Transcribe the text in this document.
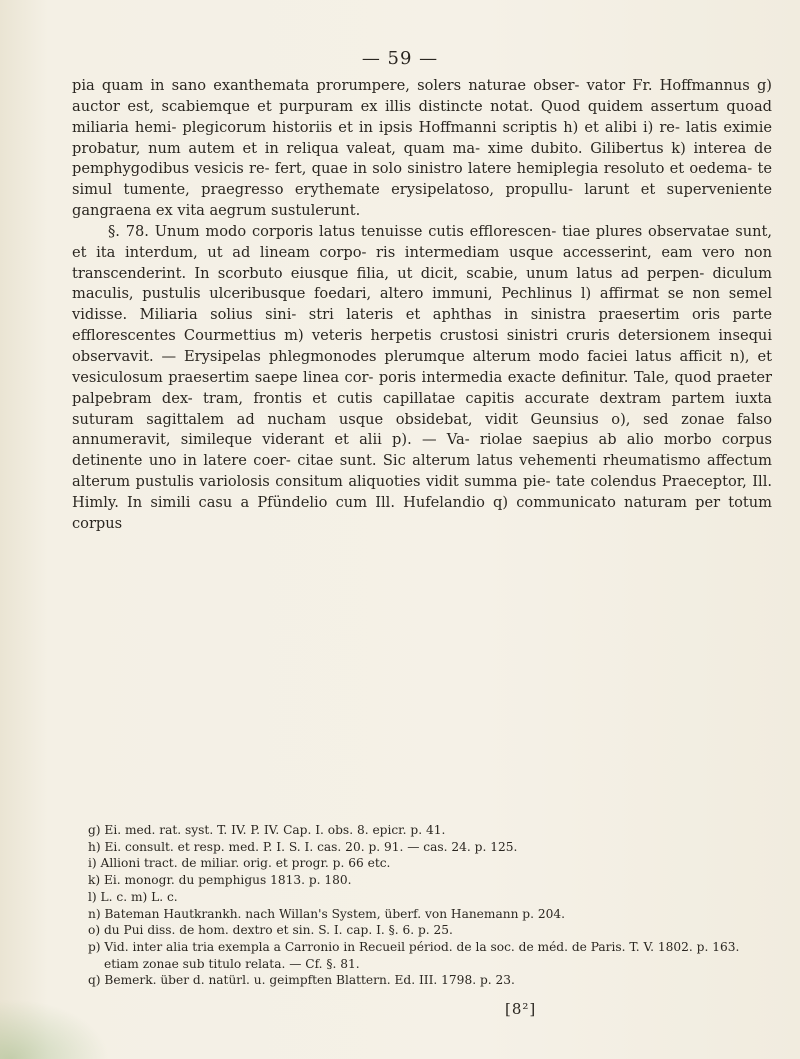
— 59 —

pia quam in sano exanthemata prorumpere, solers naturae obser- vator Fr. Hoffmannus g) auctor est, scabiemque et purpuram ex illis distincte notat. Quod quidem assertum quoad miliaria hemi- plegicorum historiis et in ipsis Hoffmanni scriptis h) et alibi i) re- latis eximie probatur, num autem et in reliqua valeat, quam ma- xime dubito. Gilibertus k) interea de pemphygodibus vesicis re- fert, quae in solo sinistro latere hemiplegia resoluto et oedema- te simul tumente, praegresso erythemate erysipelatoso, propullu- larunt et superveniente gangraena ex vita aegrum sustulerunt.

§. 78. Unum modo corporis latus tenuisse cutis efflorescen- tiae plures observatae sunt, et ita interdum, ut ad lineam corpo- ris intermediam usque accesserint, eam vero non transcenderint. In scorbuto eiusque filia, ut dicit, scabie, unum latus ad perpen- diculum maculis, pustulis ulceribusque foedari, altero immuni, Pechlinus l) affirmat se non semel vidisse. Miliaria solius sini- stri lateris et aphthas in sinistra praesertim oris parte efflorescentes Courmettius m) veteris herpetis crustosi sinistri cruris detersionem insequi observavit. — Erysipelas phlegmonodes plerumque alterum modo faciei latus afficit n), et vesiculosum praesertim saepe linea cor- poris intermedia exacte definitur. Tale, quod praeter palpebram dex- tram, frontis et cutis capillatae capitis accurate dextram partem iuxta suturam sagittalem ad nucham usque obsidebat, vidit Geunsius o), sed zonae falso annumeravit, simileque viderant et alii p). — Va- riolae saepius ab alio morbo corpus detinente uno in latere coer- citae sunt. Sic alterum latus vehementi rheumatismo affectum alterum pustulis variolosis consitum aliquoties vidit summa pie- tate colendus Praeceptor, Ill. Himly. In simili casu a Pfündelio cum Ill. Hufelandio q) communicato naturam per totum corpus

g) Ei. med. rat. syst. T. IV. P. IV. Cap. I. obs. 8. epicr. p. 41.

h) Ei. consult. et resp. med. P. I. S. I. cas. 20. p. 91. — cas. 24. p. 125.

i) Allioni tract. de miliar. orig. et progr. p. 66 etc.

k) Ei. monogr. du pemphigus 1813. p. 180.

l) L. c. m) L. c.

n) Bateman Hautkrankh. nach Willan's System, überf. von Hanemann p. 204.

o) du Pui diss. de hom. dextro et sin. S. I. cap. I. §. 6. p. 25.

p) Vid. inter alia tria exempla a Carronio in Recueil périod. de la soc. de méd. de Paris. T. V. 1802. p. 163. etiam zonae sub titulo relata. — Cf. §. 81.

q) Bemerk. über d. natürl. u. geimpften Blattern. Ed. III. 1798. p. 23.

[8²]
